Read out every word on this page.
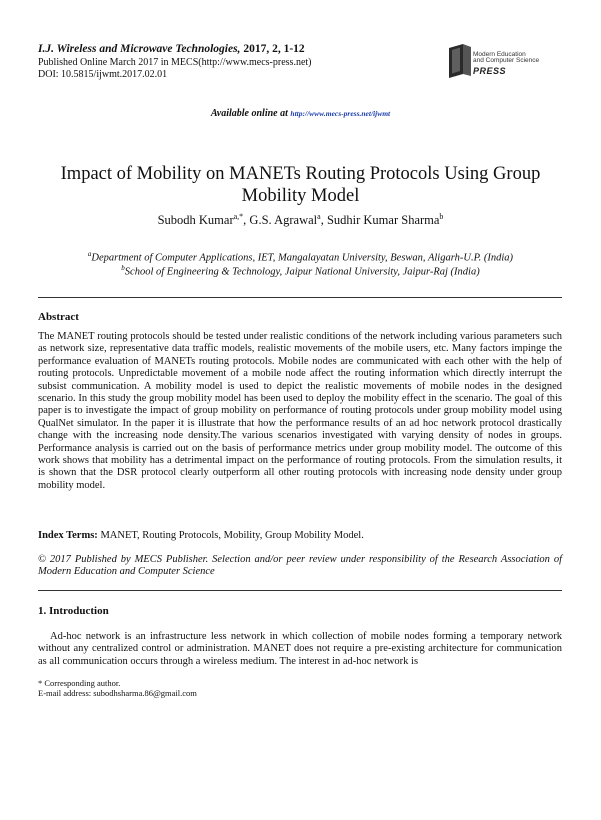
I.J. Wireless and Microwave Technologies, 2017, 2, 1-12
Published Online March 2017 in MECS(http://www.mecs-press.net)
DOI: 10.5815/ijwmt.2017.02.01
Modern Education
and Computer Science
PRESS
Available online at http://www.mecs-press.net/ijwmt
Impact of Mobility on MANETs Routing Protocols Using Group Mobility Model
Subodh Kumar$^{a,*}$, G.S. Agrawal$^a$, Sudhir Kumar Sharma$^b$
$^a$Department of Computer Applications, IET, Mangalayatan University, Beswan, Aligarh-U.P. (India)
$^b$School of Engineering & Technology, Jaipur National University, Jaipur-Raj (India)
Abstract
The MANET routing protocols should be tested under realistic conditions of the network including various parameters such as network size, representative data traffic models, realistic movements of the mobile users, etc. Many factors impinge the performance evaluation of MANETs routing protocols. Mobile nodes are communicated with each other with the help of routing protocols. Unpredictable movement of a mobile node affect the routing information which directly interrupt the subsist communication. A mobility model is used to depict the realistic movements of mobile nodes in the designed scenario. In this study the group mobility model has been used to deploy the mobility effect in the scenario. The goal of this paper is to investigate the impact of group mobility on performance of routing protocols under group mobility model using QualNet simulator. In the paper it is illustrate that how the performance results of an ad hoc network protocol drastically change with the increasing node density.The various scenarios investigated with varying density of nodes in groups. Performance analysis is carried out on the basis of performance metrics under group mobility model. The outcome of this work shows that mobility has a detrimental impact on the performance of routing protocols. From the simulation results, it is shown that the DSR protocol clearly outperform all other routing protocols with increasing node density under group mobility model.
Index Terms: MANET, Routing Protocols, Mobility, Group Mobility Model.
© 2017 Published by MECS Publisher. Selection and/or peer review under responsibility of the Research Association of Modern Education and Computer Science
1. Introduction
Ad-hoc network is an infrastructure less network in which collection of mobile nodes forming a temporary network without any centralized control or administration. MANET does not require a pre-existing architecture for communication as all communication occurs through a wireless medium. The interest in ad-hoc network is
* Corresponding author.
E-mail address: subodhsharma.86@gmail.com
